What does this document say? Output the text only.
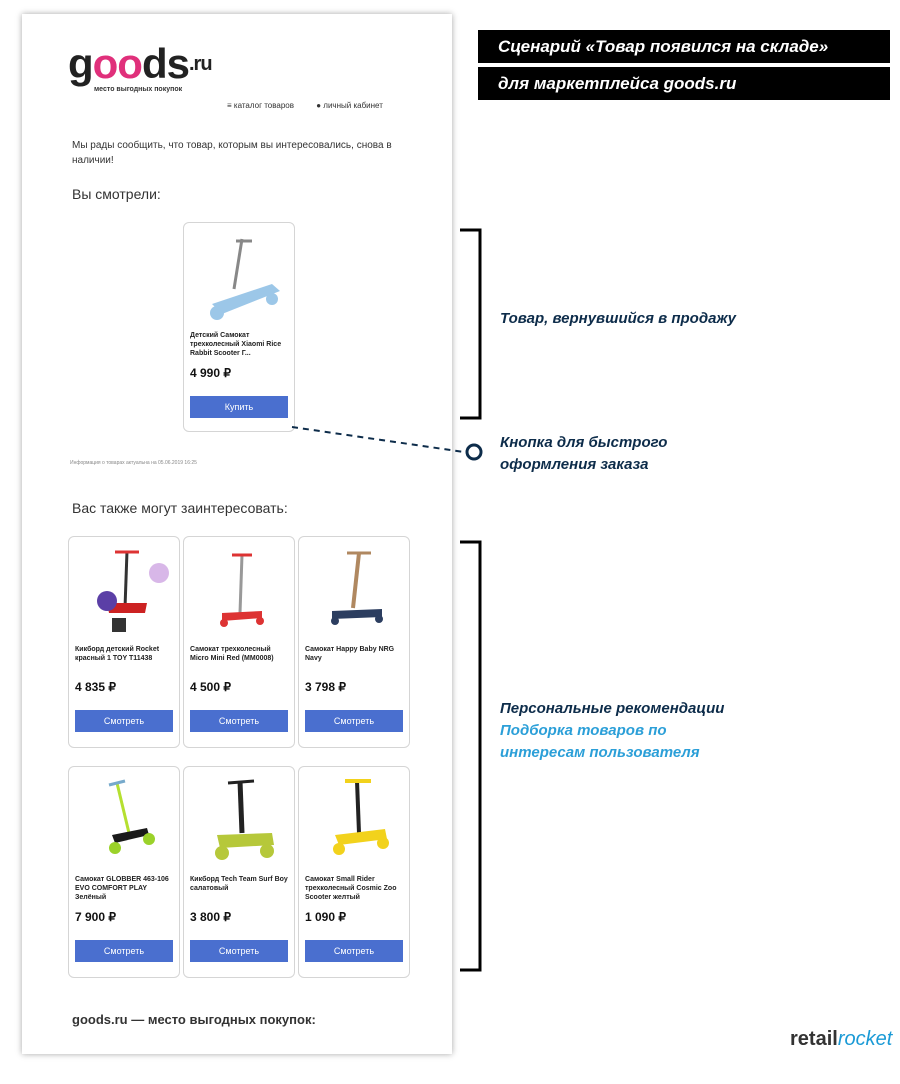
goods$^{.ru}$
место выгодных покупок
≡ каталог товаров	● личный кабинет
Мы рады сообщить, что товар, которым вы интересовались, снова в наличии!
Вы смотрели:
Детский Самокат трехколесный Xiaomi Rice Rabbit Scooter Г...
4 990 ₽
Купить
Информация о товарах актуальна на 05.06.2019 16:25
Вас также могут заинтересовать:
Кикборд детский Rocket красный 1 TOY T11438
4 835 ₽
Смотреть
Самокат трехколесный Micro Mini Red (MM0008)
4 500 ₽
Смотреть
Самокат Happy Baby NRG Navy
3 798 ₽
Смотреть
Самокат GLOBBER 463-106 EVO COMFORT PLAY Зелёный
7 900 ₽
Смотреть
Кикборд Tech Team Surf Boy салатовый
3 800 ₽
Смотреть
Самокат Small Rider трехколесный Cosmic Zoo Scooter желтый
1 090 ₽
Смотреть
goods.ru — место выгодных покупок:
Сценарий «Товар появился на складе»
для маркетплейса goods.ru
Товар, вернувшийся в продажу
Кнопка для быстрого
оформления заказа
Персональные рекомендации
Подборка товаров по
интересам пользователя
retailrocket
